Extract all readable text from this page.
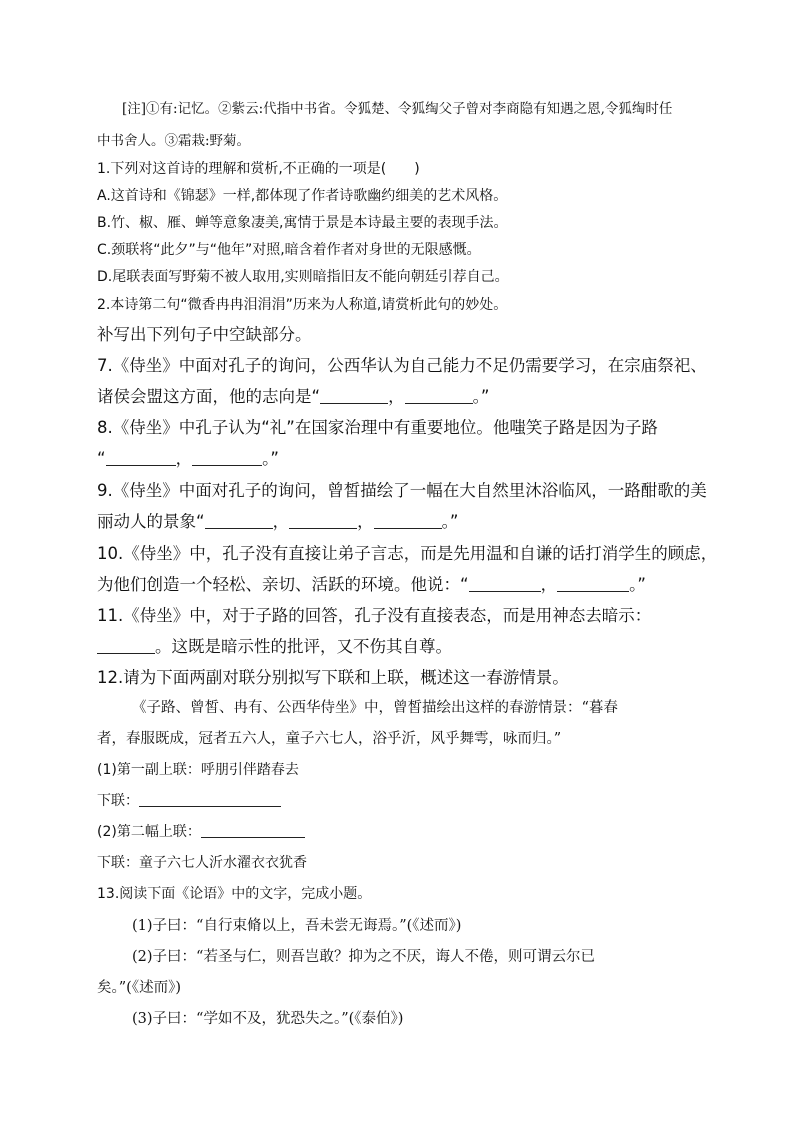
[注]①有:记忆。②紫云:代指中书省。令狐楚、令狐绹父子曾对李商隐有知遇之恩,令狐绹时任
中书舍人。③霜栽:野菊。
1.下列对这首诗的理解和赏析,不正确的一项是(　　)
A.这首诗和《锦瑟》一样,都体现了作者诗歌幽约细美的艺术风格。
B.竹、椒、雁、蝉等意象凄美,寓情于景是本诗最主要的表现手法。
C.颈联将“此夕”与“他年”对照,暗含着作者对身世的无限感慨。
D.尾联表面写野菊不被人取用,实则暗指旧友不能向朝廷引荐自己。
2.本诗第二句“微香冉冉泪涓涓”历来为人称道,请赏析此句的妙处。
补写出下列句子中空缺部分。
7.《侍坐》中面对孔子的询问，公西华认为自己能力不足仍需要学习，在宗庙祭祀、
诸侯会盟这方面，他的志向是“	，	。”
8.《侍坐》中孔子认为“礼”在国家治理中有重要地位。他嗤笑子路是因为子路
“	，	。”
9.《侍坐》中面对孔子的询问，曾皙描绘了一幅在大自然里沐浴临风，一路酣歌的美
丽动人的景象“	，	，	。”
10.《侍坐》中，孔子没有直接让弟子言志，而是先用温和自谦的话打消学生的顾虑，
为他们创造一个轻松、亲切、活跃的环境。他说：“	，	。”
11.《侍坐》中，对于子路的回答，孔子没有直接表态，而是用神态去暗示：
。这既是暗示性的批评，又不伤其自尊。
12.请为下面两副对联分别拟写下联和上联，概述这一春游情景。
《子路、曾皙、冉有、公西华侍坐》中，曾皙描绘出这样的春游情景：“暮春
者，春服既成，冠者五六人，童子六七人，浴乎沂，风乎舞雩，咏而归。”
(1)第一副上联：呼朋引伴踏春去
下联：
(2)第二幅上联：
下联：童子六七人沂水濯衣衣犹香
13.阅读下面《论语》中的文字，完成小题。
(1)子曰：“自行束脩以上，吾未尝无诲焉。”(《述而》)
(2)子曰：“若圣与仁，则吾岂敢？抑为之不厌，诲人不倦，则可谓云尔已
矣。”(《述而》)
(3)子曰：“学如不及，犹恐失之。”(《泰伯》)
